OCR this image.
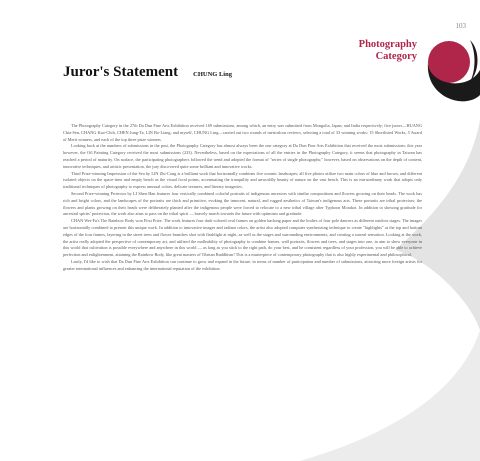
103
Photography
Category
Juror's Statement CHUNG Ling

The Photography Category in the 27th Da Dun Fine Arts Exhibition received 169 submissions, among which, an entry was submitted from Mongolia, Japan, and India respectively; five jurors—HUANG Chia-Sen, CHANG Kuo-Chih, CHEN Jung-Ta, LIN Bo-Liang, and myself, CHUNG Ling—carried out two rounds of meticulous reviews, selecting a total of 33 winning works: 15 Shortlisted Works, 5 Award of Merit winners, and each of the top three prize winners.

Looking back at the numbers of submissions in the past, the Photography Category has almost always been the one category at Da Dun Fine Arts Exhibition that received the most submissions; this year however, the Oil Painting Category received the most submissions (233). Nevertheless, based on the expectations of all the entries in the Photography Category, it seems that photography in Taiwan has reached a period of maturity. On surface, the participating photographers followed the trend and adopted the format of "series of single photographs;" however, based on observations on the depth of content, innovative techniques, and artistic presentation, the jury discovered quite some brilliant and innovative works.

Third Prize-winning Impression of the Sea by LIN Zhi-Cong is a brilliant work that horizontally combines five oceanic landscapes; all five photos utilize two main colors of blue and brown, and different isolated objects on the space-time and empty beach as the visual focal points, accentuating the tranquility and unworldly beauty of nature on the vast beach. This is an extraordinary work that adopts only traditional techniques of photography to express unusual colors, delicate textures, and literary imageries.

Second Prize-winning Protector by LI Shen Han features four vertically combined colorful portraits of indigenous ancestors with similar compositions and flowers growing on their heads. The work has rich and bright colors, and the landscapes of the portraits are thick and primitive, evoking the innocent, natural, and rugged aesthetics of Taiwan's indigenous arts. These portraits are tribal protectors; the flowers and plants growing on their heads were deliberately planted after the indigenous people were forced to relocate to a new tribal village after Typhoon Morakot. In addition to showing gratitude for ancestral spirits' protection, the work also aims to pass on the tribal spirit — bravely march towards the future with optimism and gratitude.

CHAN Wei-Fu's The Rainbow Body won First Prize. The work features four dark-colored oval frames on golden backing paper and the bodies of four pole dancers as different outdoor stages. The images are horizontally combined to present this unique work. In addition to innovative images and radiant colors, the artist also adopted computer synthesizing technique to create "highlights" at the top and bottom edges of the four frames, layering in the street trees and flower branches shot with flashlight at night, as well as the stages and surrounding environments, and creating a surreal sensation. Looking at the work, the artist really adopted the perspective of contemporary art, and utilized the malleability of photography to combine frames, wall portraits, flowers and trees, and stages into one, in aim to show everyone in this world that cultivation is possible everywhere and anywhere in this world — as long as you stick to the right path, do your best, and be consistent regardless of your profession, you will be able to achieve perfection and enlightenment, attaining the Rainbow Body, like great masters of Tibetan Buddhism! This is a masterpiece of contemporary photography that is also highly experimental and philosophical.

Lastly, I'd like to wish that Da Dun Fine Arts Exhibition can continue to grow and expand in the future, in terms of number of participation and number of submissions, attracting more foreign artists for greater international influences and enhancing the international reputation of the exhibition.
